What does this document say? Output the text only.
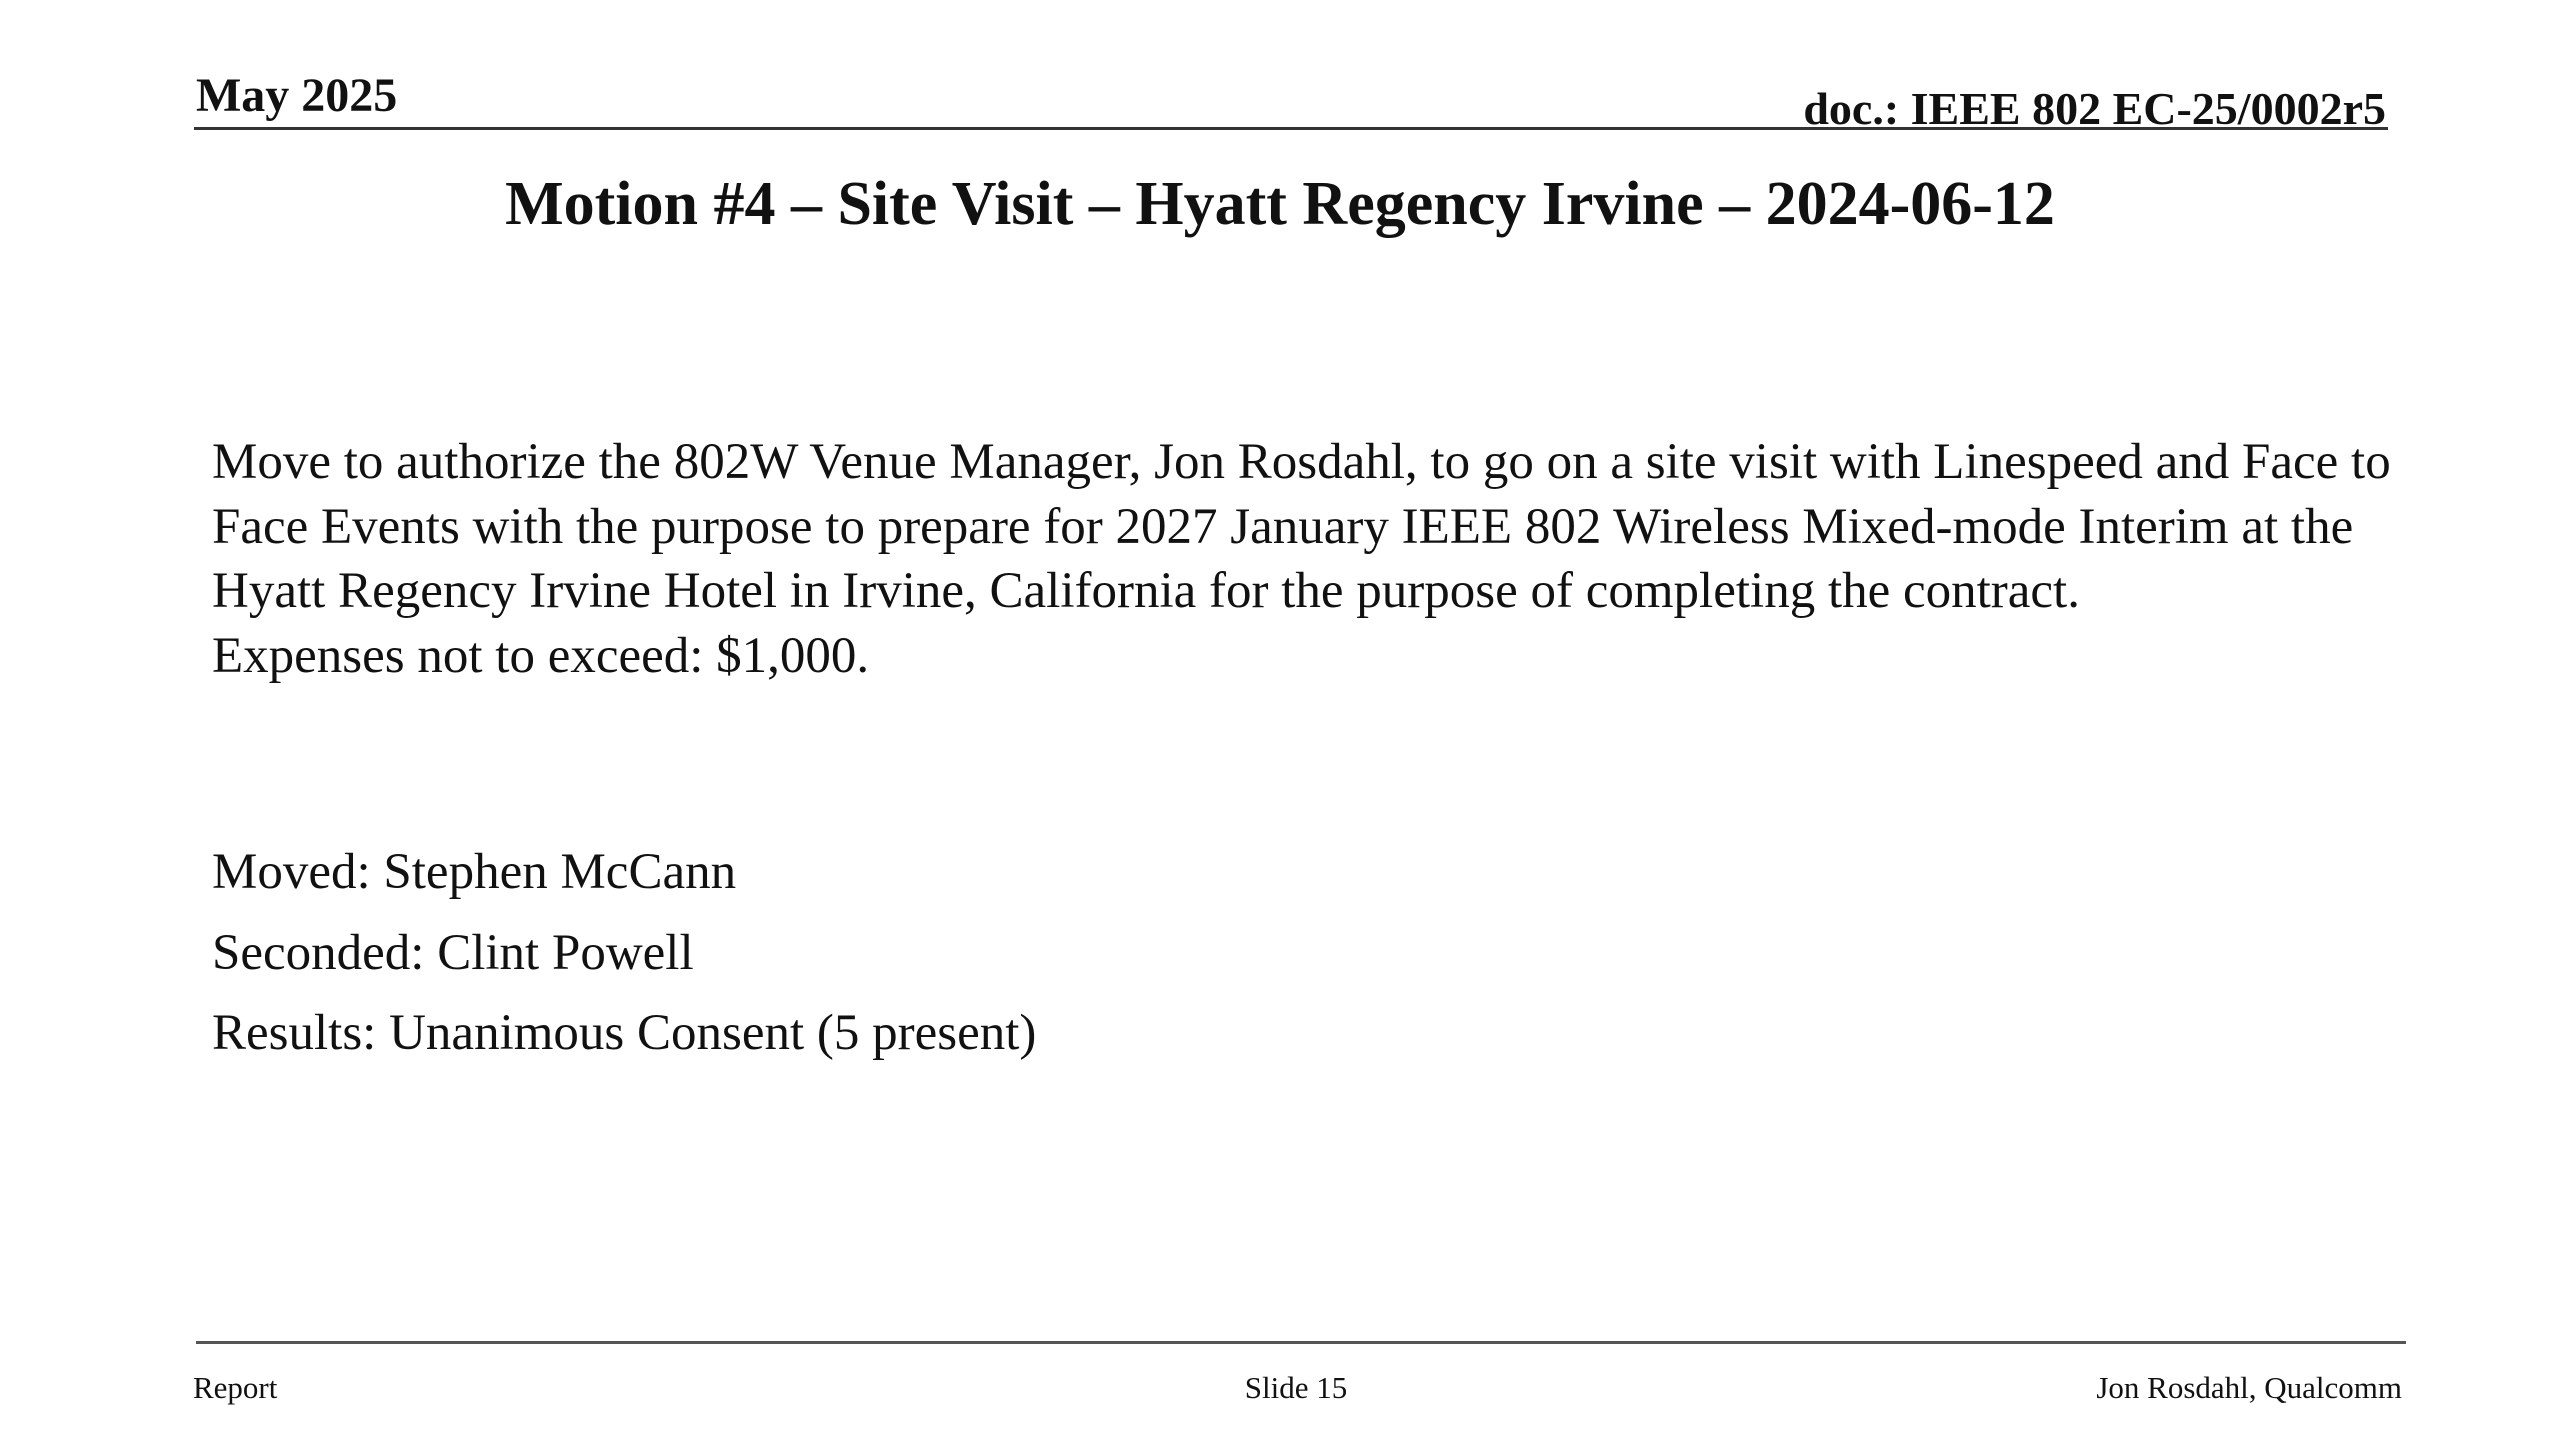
May 2025	doc.: IEEE 802 EC-25/0002r5
Motion #4 – Site Visit – Hyatt Regency Irvine – 2024-06-12

Move to authorize the 802W Venue Manager, Jon Rosdahl, to go on a site visit with Linespeed and Face to Face Events with the purpose to prepare for 2027 January IEEE 802 Wireless Mixed-mode Interim at the Hyatt Regency Irvine Hotel in Irvine, California for the purpose of completing the contract.

Expenses not to exceed: $1,000.

Moved: Stephen McCann
Seconded: Clint Powell
Results: Unanimous Consent (5 present)
Report	Slide 15	Jon Rosdahl, Qualcomm
